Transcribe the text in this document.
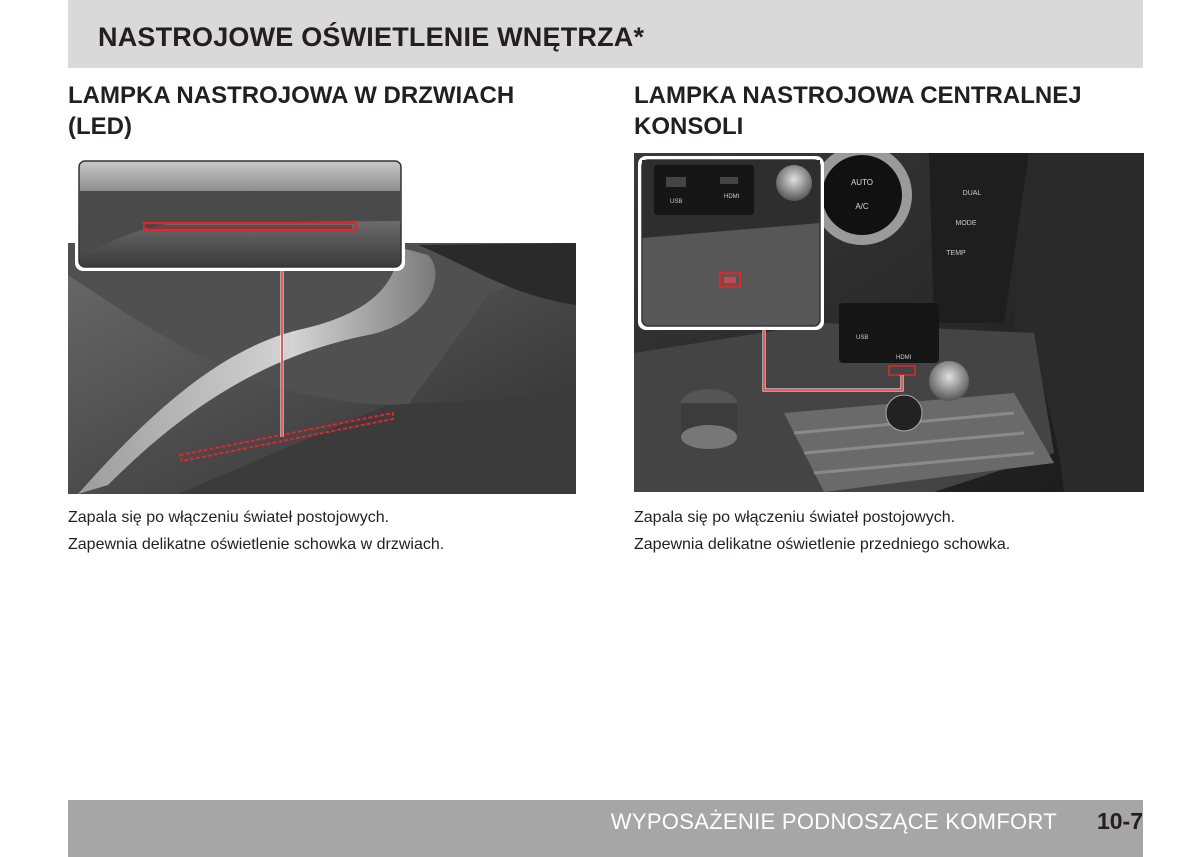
NASTROJOWE OŚWIETLENIE WNĘTRZA*
LAMPKA NASTROJOWA W DRZWIACH
(LED)

Zapala się po włączeniu świateł postojowych.

Zapewnia delikatne oświetlenie schowka w drzwiach.

LAMPKA NASTROJOWA CENTRALNEJ
KONSOLI
AUTO
A/C
DUAL
MODE
TEMP
USB
HDMI
USB
HDMI

Zapala się po włączeniu świateł postojowych.

Zapewnia delikatne oświetlenie przedniego schowka.

WYPOSAŻENIE PODNOSZĄCE KOMFORT 10-7
